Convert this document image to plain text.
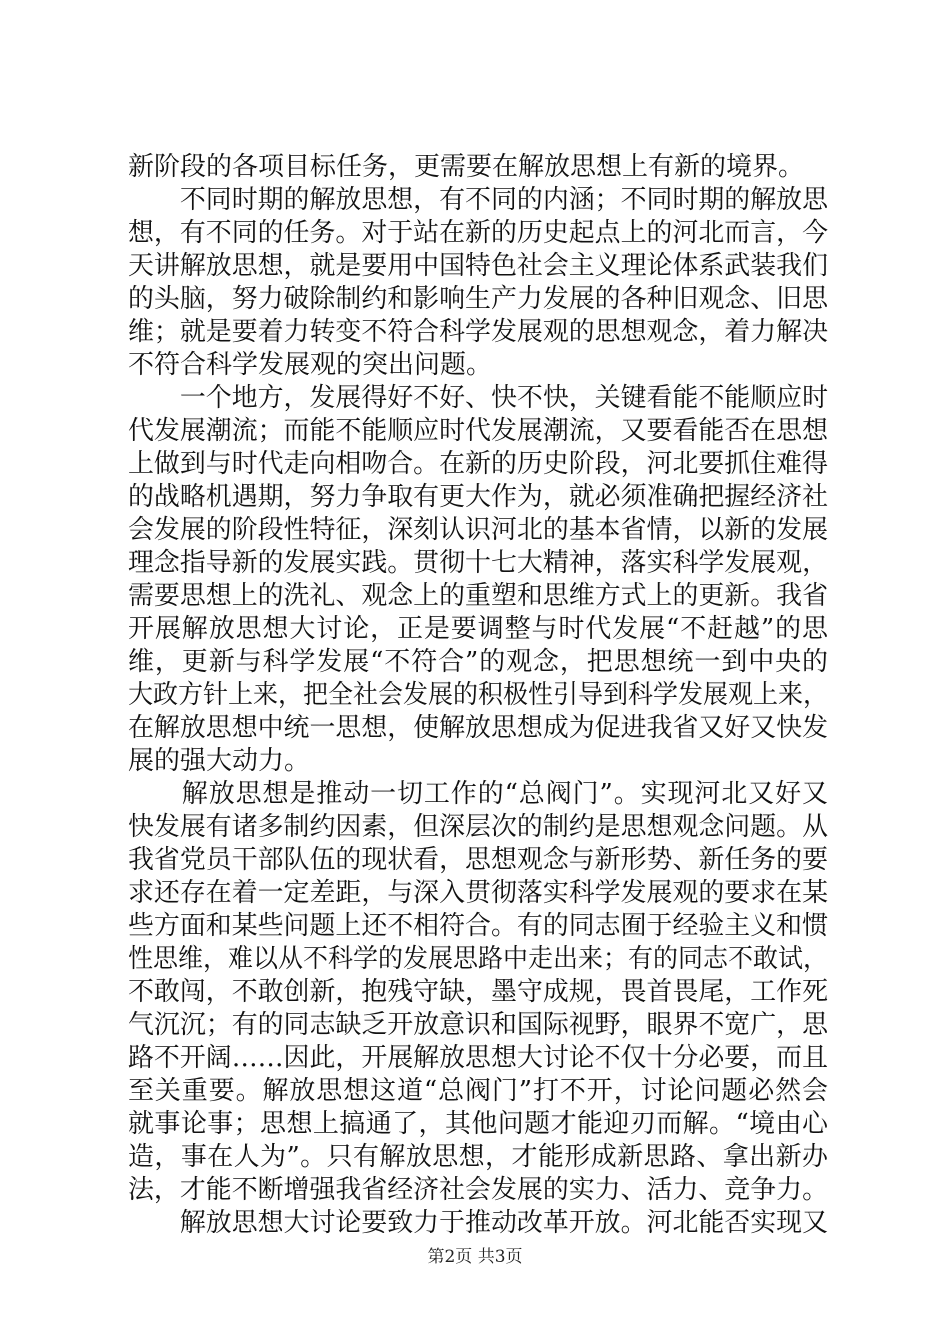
新阶段的各项目标任务，更需要在解放思想上有新的境界。
　　不同时期的解放思想，有不同的内涵；不同时期的解放思
想，有不同的任务。对于站在新的历史起点上的河北而言，今
天讲解放思想，就是要用中国特色社会主义理论体系武装我们
的头脑，努力破除制约和影响生产力发展的各种旧观念、旧思
维；就是要着力转变不符合科学发展观的思想观念，着力解决
不符合科学发展观的突出问题。
　　一个地方，发展得好不好、快不快，关键看能不能顺应时
代发展潮流；而能不能顺应时代发展潮流，又要看能否在思想
上做到与时代走向相吻合。在新的历史阶段，河北要抓住难得
的战略机遇期，努力争取有更大作为，就必须准确把握经济社
会发展的阶段性特征，深刻认识河北的基本省情，以新的发展
理念指导新的发展实践。贯彻十七大精神，落实科学发展观，
需要思想上的洗礼、观念上的重塑和思维方式上的更新。我省
开展解放思想大讨论，正是要调整与时代发展“不赶越”的思
维，更新与科学发展“不符合”的观念，把思想统一到中央的
大政方针上来，把全社会发展的积极性引导到科学发展观上来，
在解放思想中统一思想，使解放思想成为促进我省又好又快发
展的强大动力。
　　解放思想是推动一切工作的“总阀门”。实现河北又好又
快发展有诸多制约因素，但深层次的制约是思想观念问题。从
我省党员干部队伍的现状看，思想观念与新形势、新任务的要
求还存在着一定差距，与深入贯彻落实科学发展观的要求在某
些方面和某些问题上还不相符合。有的同志囿于经验主义和惯
性思维，难以从不科学的发展思路中走出来；有的同志不敢试，
不敢闯，不敢创新，抱残守缺，墨守成规，畏首畏尾，工作死
气沉沉；有的同志缺乏开放意识和国际视野，眼界不宽广，思
路不开阔……因此，开展解放思想大讨论不仅十分必要，而且
至关重要。解放思想这道“总阀门”打不开，讨论问题必然会
就事论事；思想上搞通了，其他问题才能迎刃而解。“境由心
造，事在人为”。只有解放思想，才能形成新思路、拿出新办
法，才能不断增强我省经济社会发展的实力、活力、竞争力。
　　解放思想大讨论要致力于推动改革开放。河北能否实现又
第2页 共3页
